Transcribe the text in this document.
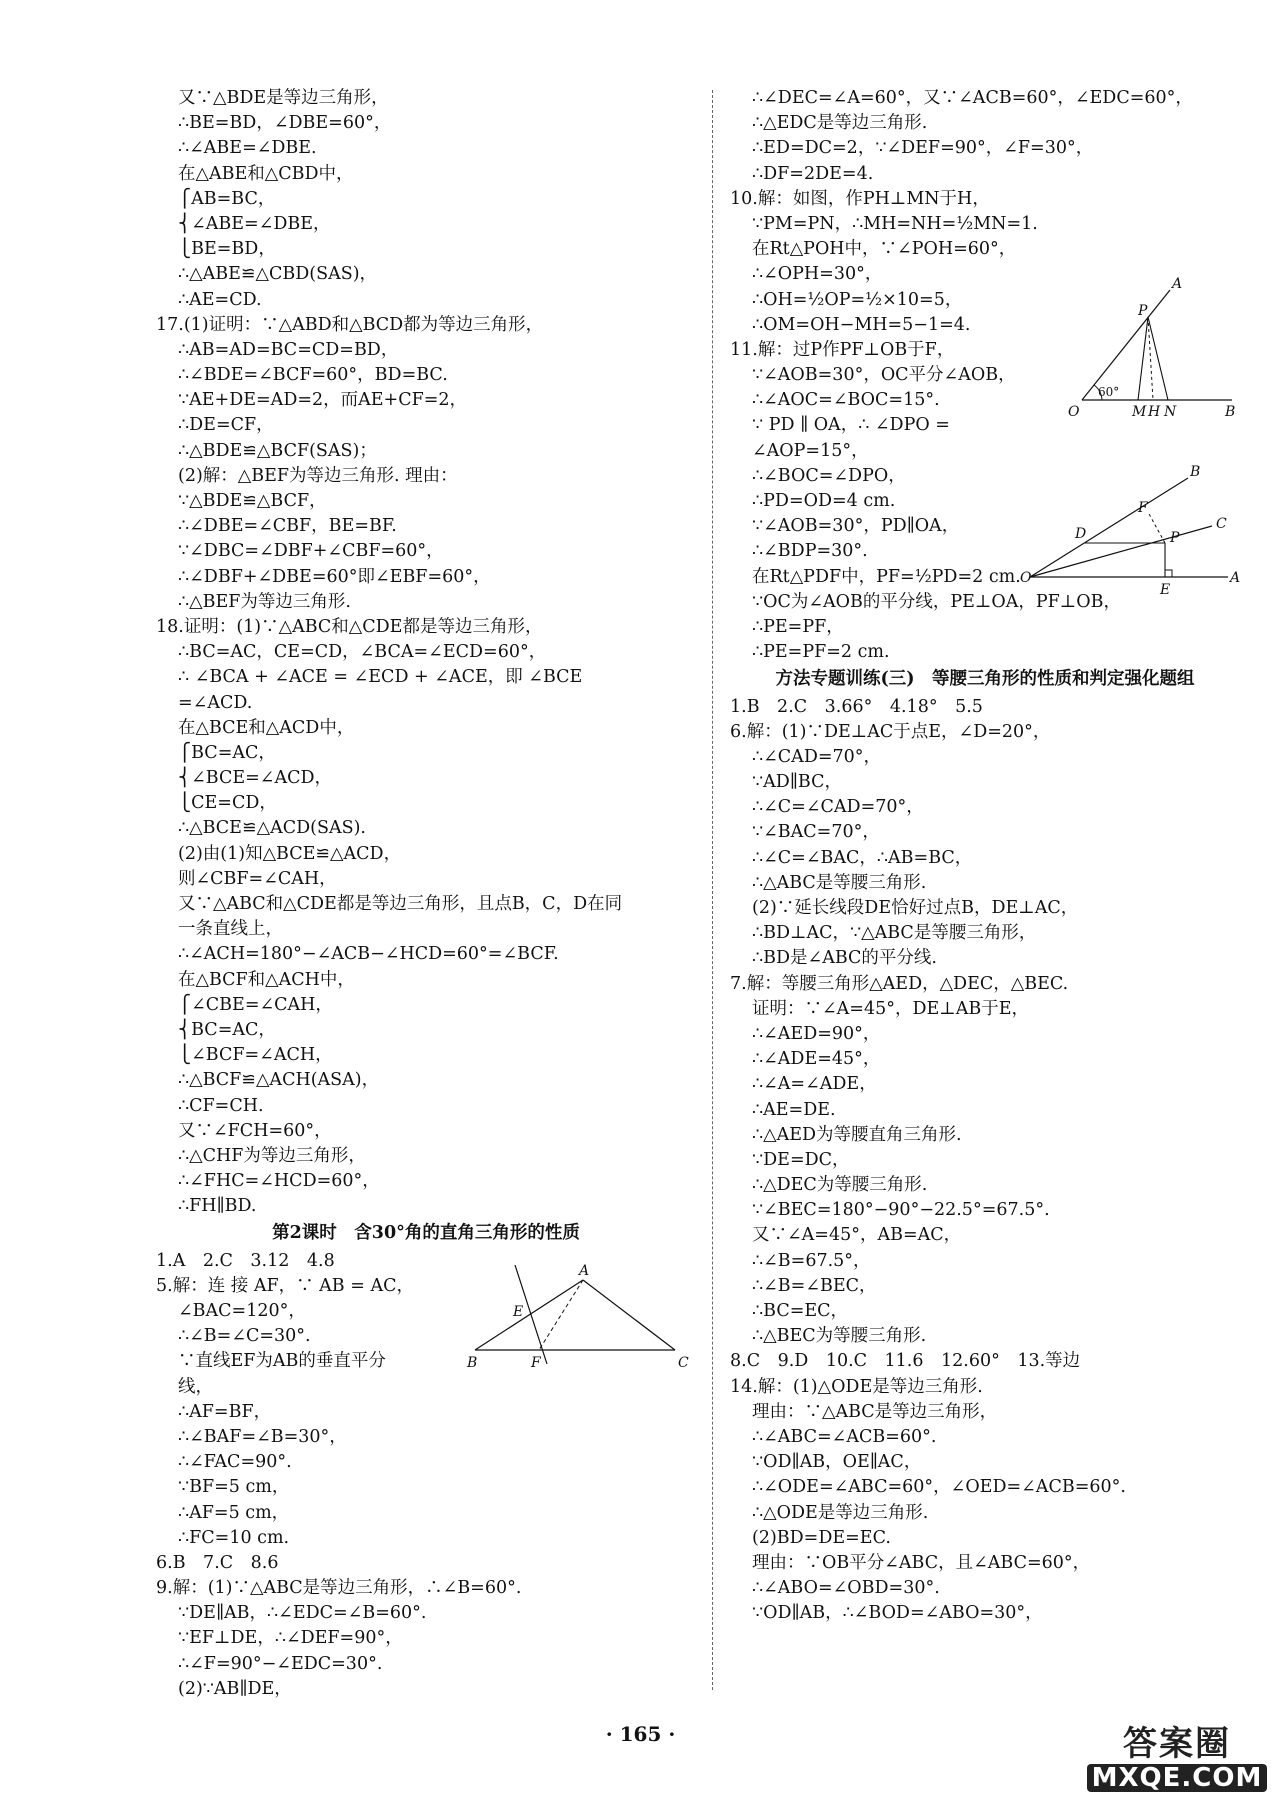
又∵△BDE是等边三角形，
∴BE=BD，∠DBE=60°，
∴∠ABE=∠DBE.
在△ABE和△CBD中，
⎧AB=BC，
⎨∠ABE=∠DBE，
⎩BE=BD，
∴△ABE≌△CBD(SAS)，
∴AE=CD.
17.(1)证明：∵△ABD和△BCD都为等边三角形，
∴AB=AD=BC=CD=BD，
∴∠BDE=∠BCF=60°，BD=BC.
∵AE+DE=AD=2，而AE+CF=2，
∴DE=CF，
∴△BDE≌△BCF(SAS)；
(2)解：△BEF为等边三角形. 理由：
∵△BDE≌△BCF，
∴∠DBE=∠CBF，BE=BF.
∵∠DBC=∠DBF+∠CBF=60°，
∴∠DBF+∠DBE=60°即∠EBF=60°，
∴△BEF为等边三角形.
18.证明：(1)∵△ABC和△CDE都是等边三角形，
∴BC=AC，CE=CD，∠BCA=∠ECD=60°，
∴ ∠BCA + ∠ACE = ∠ECD + ∠ACE，即 ∠BCE
=∠ACD.
在△BCE和△ACD中，
⎧BC=AC，
⎨∠BCE=∠ACD，
⎩CE=CD，
∴△BCE≌△ACD(SAS).
(2)由(1)知△BCE≌△ACD，
则∠CBF=∠CAH，
又∵△ABC和△CDE都是等边三角形，且点B，C，D在同
一条直线上，
∴∠ACH=180°−∠ACB−∠HCD=60°=∠BCF.
在△BCF和△ACH中，
⎧∠CBE=∠CAH，
⎨BC=AC，
⎩∠BCF=∠ACH，
∴△BCF≌△ACH(ASA)，
∴CF=CH.
又∵∠FCH=60°，
∴△CHF为等边三角形，
∴∠FHC=∠HCD=60°，
∴FH∥BD.
第2课时　含30°角的直角三角形的性质
1.A　2.C　3.12　4.8
5.解：连 接 AF，∵ AB = AC，
∠BAC=120°，
∴∠B=∠C=30°.
∵直线EF为AB的垂直平分
线，
∴AF=BF，
∴∠BAF=∠B=30°，
∴∠FAC=90°.
∵BF=5 cm，
∴AF=5 cm，
∴FC=10 cm.
6.B　7.C　8.6
9.解：(1)∵△ABC是等边三角形，∴∠B=60°.
∵DE∥AB，∴∠EDC=∠B=60°.
∵EF⊥DE，∴∠DEF=90°，
∴∠F=90°−∠EDC=30°.
(2)∵AB∥DE，
∴∠DEC=∠A=60°，又∵∠ACB=60°，∠EDC=60°，
∴△EDC是等边三角形.
∴ED=DC=2，∵∠DEF=90°，∠F=30°，
∴DF=2DE=4.
10.解：如图，作PH⊥MN于H，
∵PM=PN，∴MH=NH=½MN=1.
在Rt△POH中，∵∠POH=60°，
∴∠OPH=30°，
∴OH=½OP=½×10=5，
∴OM=OH−MH=5−1=4.
11.解：过P作PF⊥OB于F，
∵∠AOB=30°，OC平分∠AOB，
∴∠AOC=∠BOC=15°.
∵ PD ∥ OA，∴ ∠DPO =
∠AOP=15°，
∴∠BOC=∠DPO，
∴PD=OD=4 cm.
∵∠AOB=30°，PD∥OA，
∴∠BDP=30°.
在Rt△PDF中，PF=½PD=2 cm.
∵OC为∠AOB的平分线，PE⊥OA，PF⊥OB，
∴PE=PF，
∴PE=PF=2 cm.
方法专题训练(三)　等腰三角形的性质和判定强化题组
1.B　2.C　3.66°　4.18°　5.5
6.解：(1)∵DE⊥AC于点E，∠D=20°，
∴∠CAD=70°，
∵AD∥BC，
∴∠C=∠CAD=70°，
∵∠BAC=70°，
∴∠C=∠BAC，∴AB=BC，
∴△ABC是等腰三角形.
(2)∵延长线段DE恰好过点B，DE⊥AC，
∴BD⊥AC，∵△ABC是等腰三角形，
∴BD是∠ABC的平分线.
7.解：等腰三角形△AED，△DEC，△BEC.
证明：∵∠A=45°，DE⊥AB于E，
∴∠AED=90°，
∴∠ADE=45°，
∴∠A=∠ADE，
∴AE=DE.
∴△AED为等腰直角三角形.
∵DE=DC，
∴△DEC为等腰三角形.
∵∠BEC=180°−90°−22.5°=67.5°.
又∵∠A=45°，AB=AC，
∴∠B=67.5°，
∴∠B=∠BEC，
∴BC=EC，
∴△BEC为等腰三角形.
8.C　9.D　10.C　11.6　12.60°　13.等边
14.解：(1)△ODE是等边三角形.
理由：∵△ABC是等边三角形，
∴∠ABC=∠ACB=60°.
∵OD∥AB，OE∥AC，
∴∠ODE=∠ABC=60°，∠OED=∠ACB=60°.
∴△ODE是等边三角形.
(2)BD=DE=EC.
理由：∵OB平分∠ABC，且∠ABC=60°，
∴∠ABO=∠OBD=30°.
∵OD∥AB，∴∠BOD=∠ABO=30°，
A
B	C
E
F
A
B
O
P
M H N
60°
B
C
A
O
D
F
P
E
· 165 ·	答案圈
MXQE.COM
